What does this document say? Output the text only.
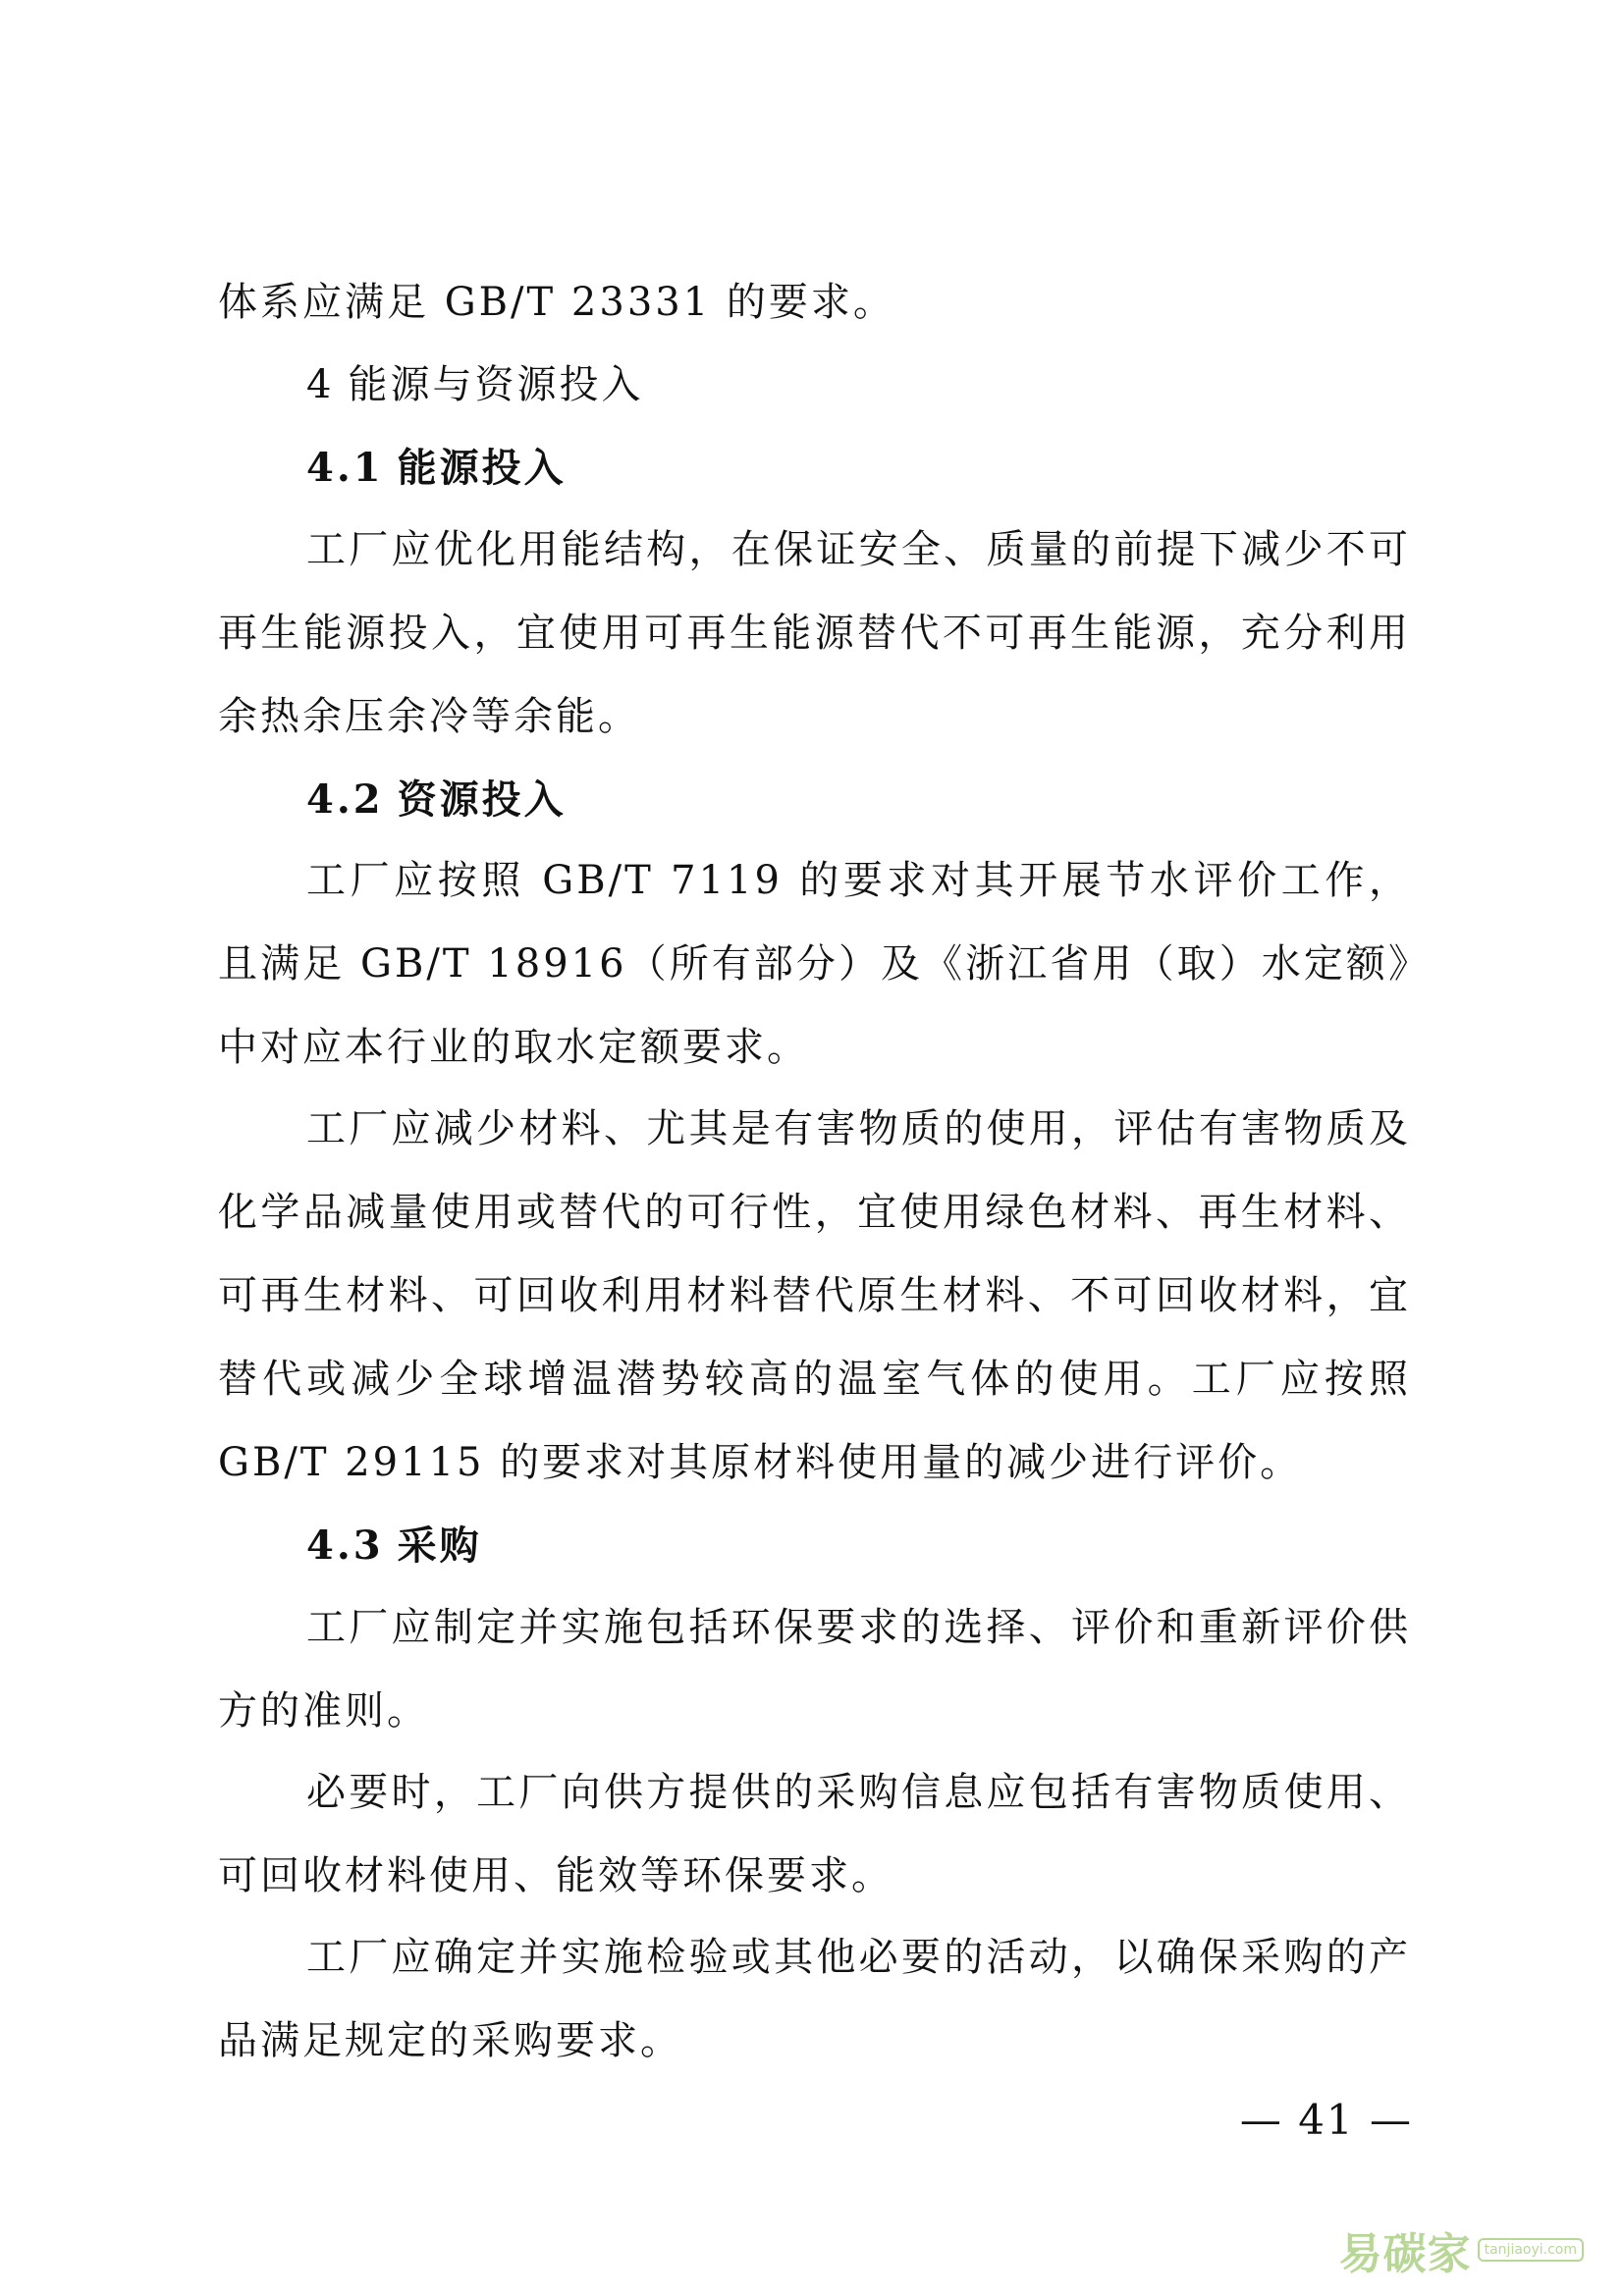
体系应满足 GB/T 23331 的要求。

4 能源与资源投入

4.1 能源投入

工厂应优化用能结构，在保证安全、质量的前提下减少不可再生能源投入，宜使用可再生能源替代不可再生能源，充分利用余热余压余冷等余能。

4.2 资源投入

工厂应按照 GB/T 7119 的要求对其开展节水评价工作，且满足 GB/T 18916（所有部分）及《浙江省用（取）水定额》中对应本行业的取水定额要求。

工厂应减少材料、尤其是有害物质的使用，评估有害物质及化学品减量使用或替代的可行性，宜使用绿色材料、再生材料、可再生材料、可回收利用材料替代原生材料、不可回收材料，宜替代或减少全球增温潜势较高的温室气体的使用。工厂应按照 GB/T 29115 的要求对其原材料使用量的减少进行评价。

4.3 采购

工厂应制定并实施包括环保要求的选择、评价和重新评价供方的准则。

必要时，工厂向供方提供的采购信息应包括有害物质使用、可回收材料使用、能效等环保要求。

工厂应确定并实施检验或其他必要的活动，以确保采购的产品满足规定的采购要求。

— 41 —
易碳家 tanjiaoyi.com
